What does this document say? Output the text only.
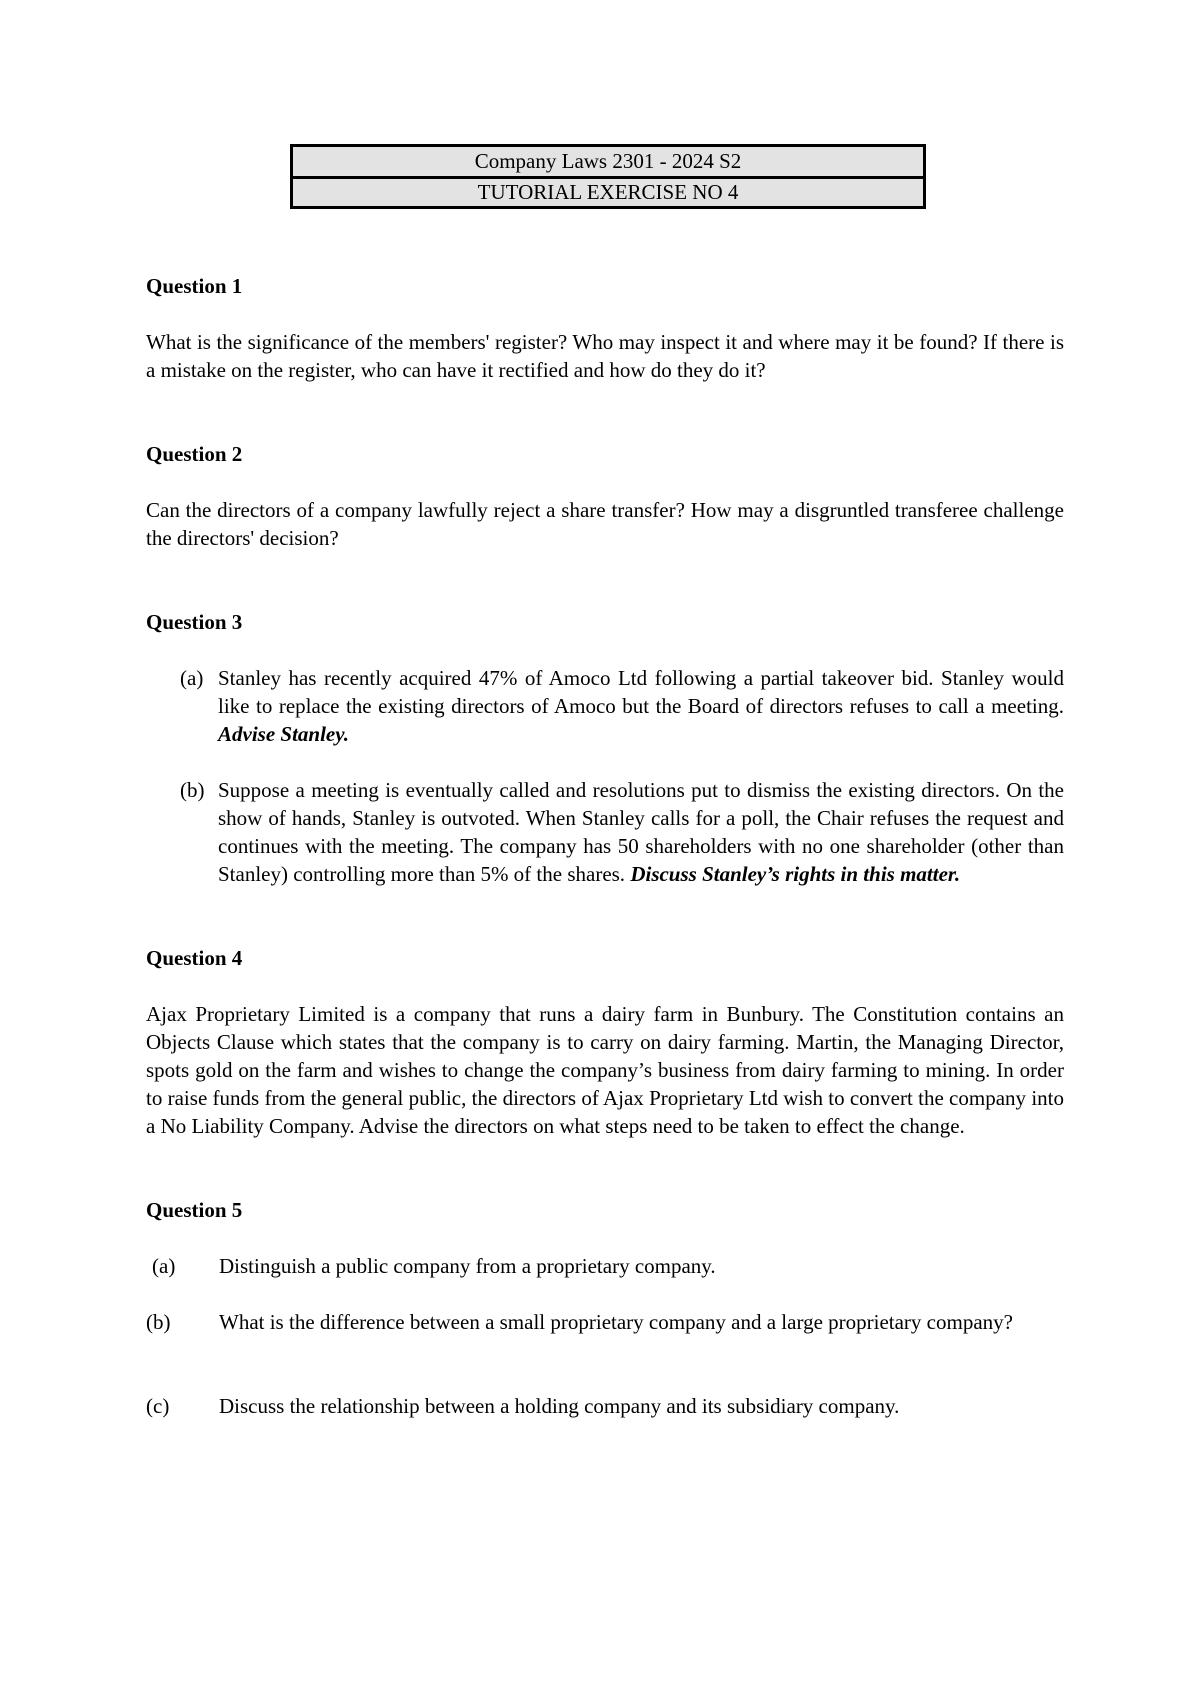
Company Laws 2301 - 2024 S2
TUTORIAL EXERCISE NO 4
Question 1
What is the significance of the members' register? Who may inspect it and where may it be found? If there is a mistake on the register, who can have it rectified and how do they do it?
Question 2
Can the directors of a company lawfully reject a share transfer? How may a disgruntled transferee challenge the directors' decision?
Question 3
(a) Stanley has recently acquired 47% of Amoco Ltd following a partial takeover bid. Stanley would like to replace the existing directors of Amoco but the Board of directors refuses to call a meeting. Advise Stanley.
(b) Suppose a meeting is eventually called and resolutions put to dismiss the existing directors. On the show of hands, Stanley is outvoted. When Stanley calls for a poll, the Chair refuses the request and continues with the meeting. The company has 50 shareholders with no one shareholder (other than Stanley) controlling more than 5% of the shares. Discuss Stanley’s rights in this matter.
Question 4
Ajax Proprietary Limited is a company that runs a dairy farm in Bunbury. The Constitution contains an Objects Clause which states that the company is to carry on dairy farming. Martin, the Managing Director, spots gold on the farm and wishes to change the company’s business from dairy farming to mining. In order to raise funds from the general public, the directors of Ajax Proprietary Ltd wish to convert the company into a No Liability Company. Advise the directors on what steps need to be taken to effect the change.
Question 5
(a) Distinguish a public company from a proprietary company.
(b) What is the difference between a small proprietary company and a large proprietary company?
(c) Discuss the relationship between a holding company and its subsidiary company.
